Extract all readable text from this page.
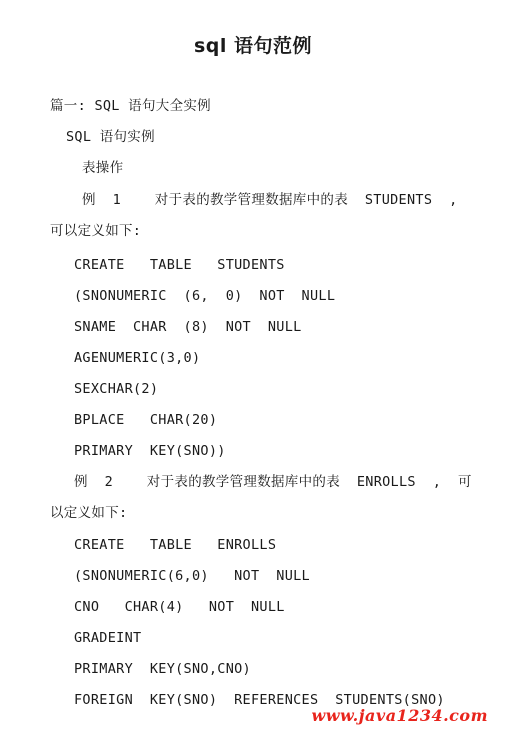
sql 语句范例
篇一: SQL 语句大全实例
SQL 语句实例
表操作
例  1    对于表的教学管理数据库中的表  STUDENTS  ,
可以定义如下:
CREATE   TABLE   STUDENTS
(SNONUMERIC  (6,  0)  NOT  NULL
SNAME  CHAR  (8)  NOT  NULL
AGENUMERIC(3,0)
SEXCHAR(2)
BPLACE   CHAR(20)
PRIMARY  KEY(SNO))
例  2    对于表的教学管理数据库中的表  ENROLLS  ,  可
以定义如下:
CREATE   TABLE   ENROLLS
(SNONUMERIC(6,0)   NOT  NULL
CNO   CHAR(4)   NOT  NULL
GRADEINT
PRIMARY  KEY(SNO,CNO)
FOREIGN  KEY(SNO)  REFERENCES  STUDENTS(SNO)
www.java1234.com
